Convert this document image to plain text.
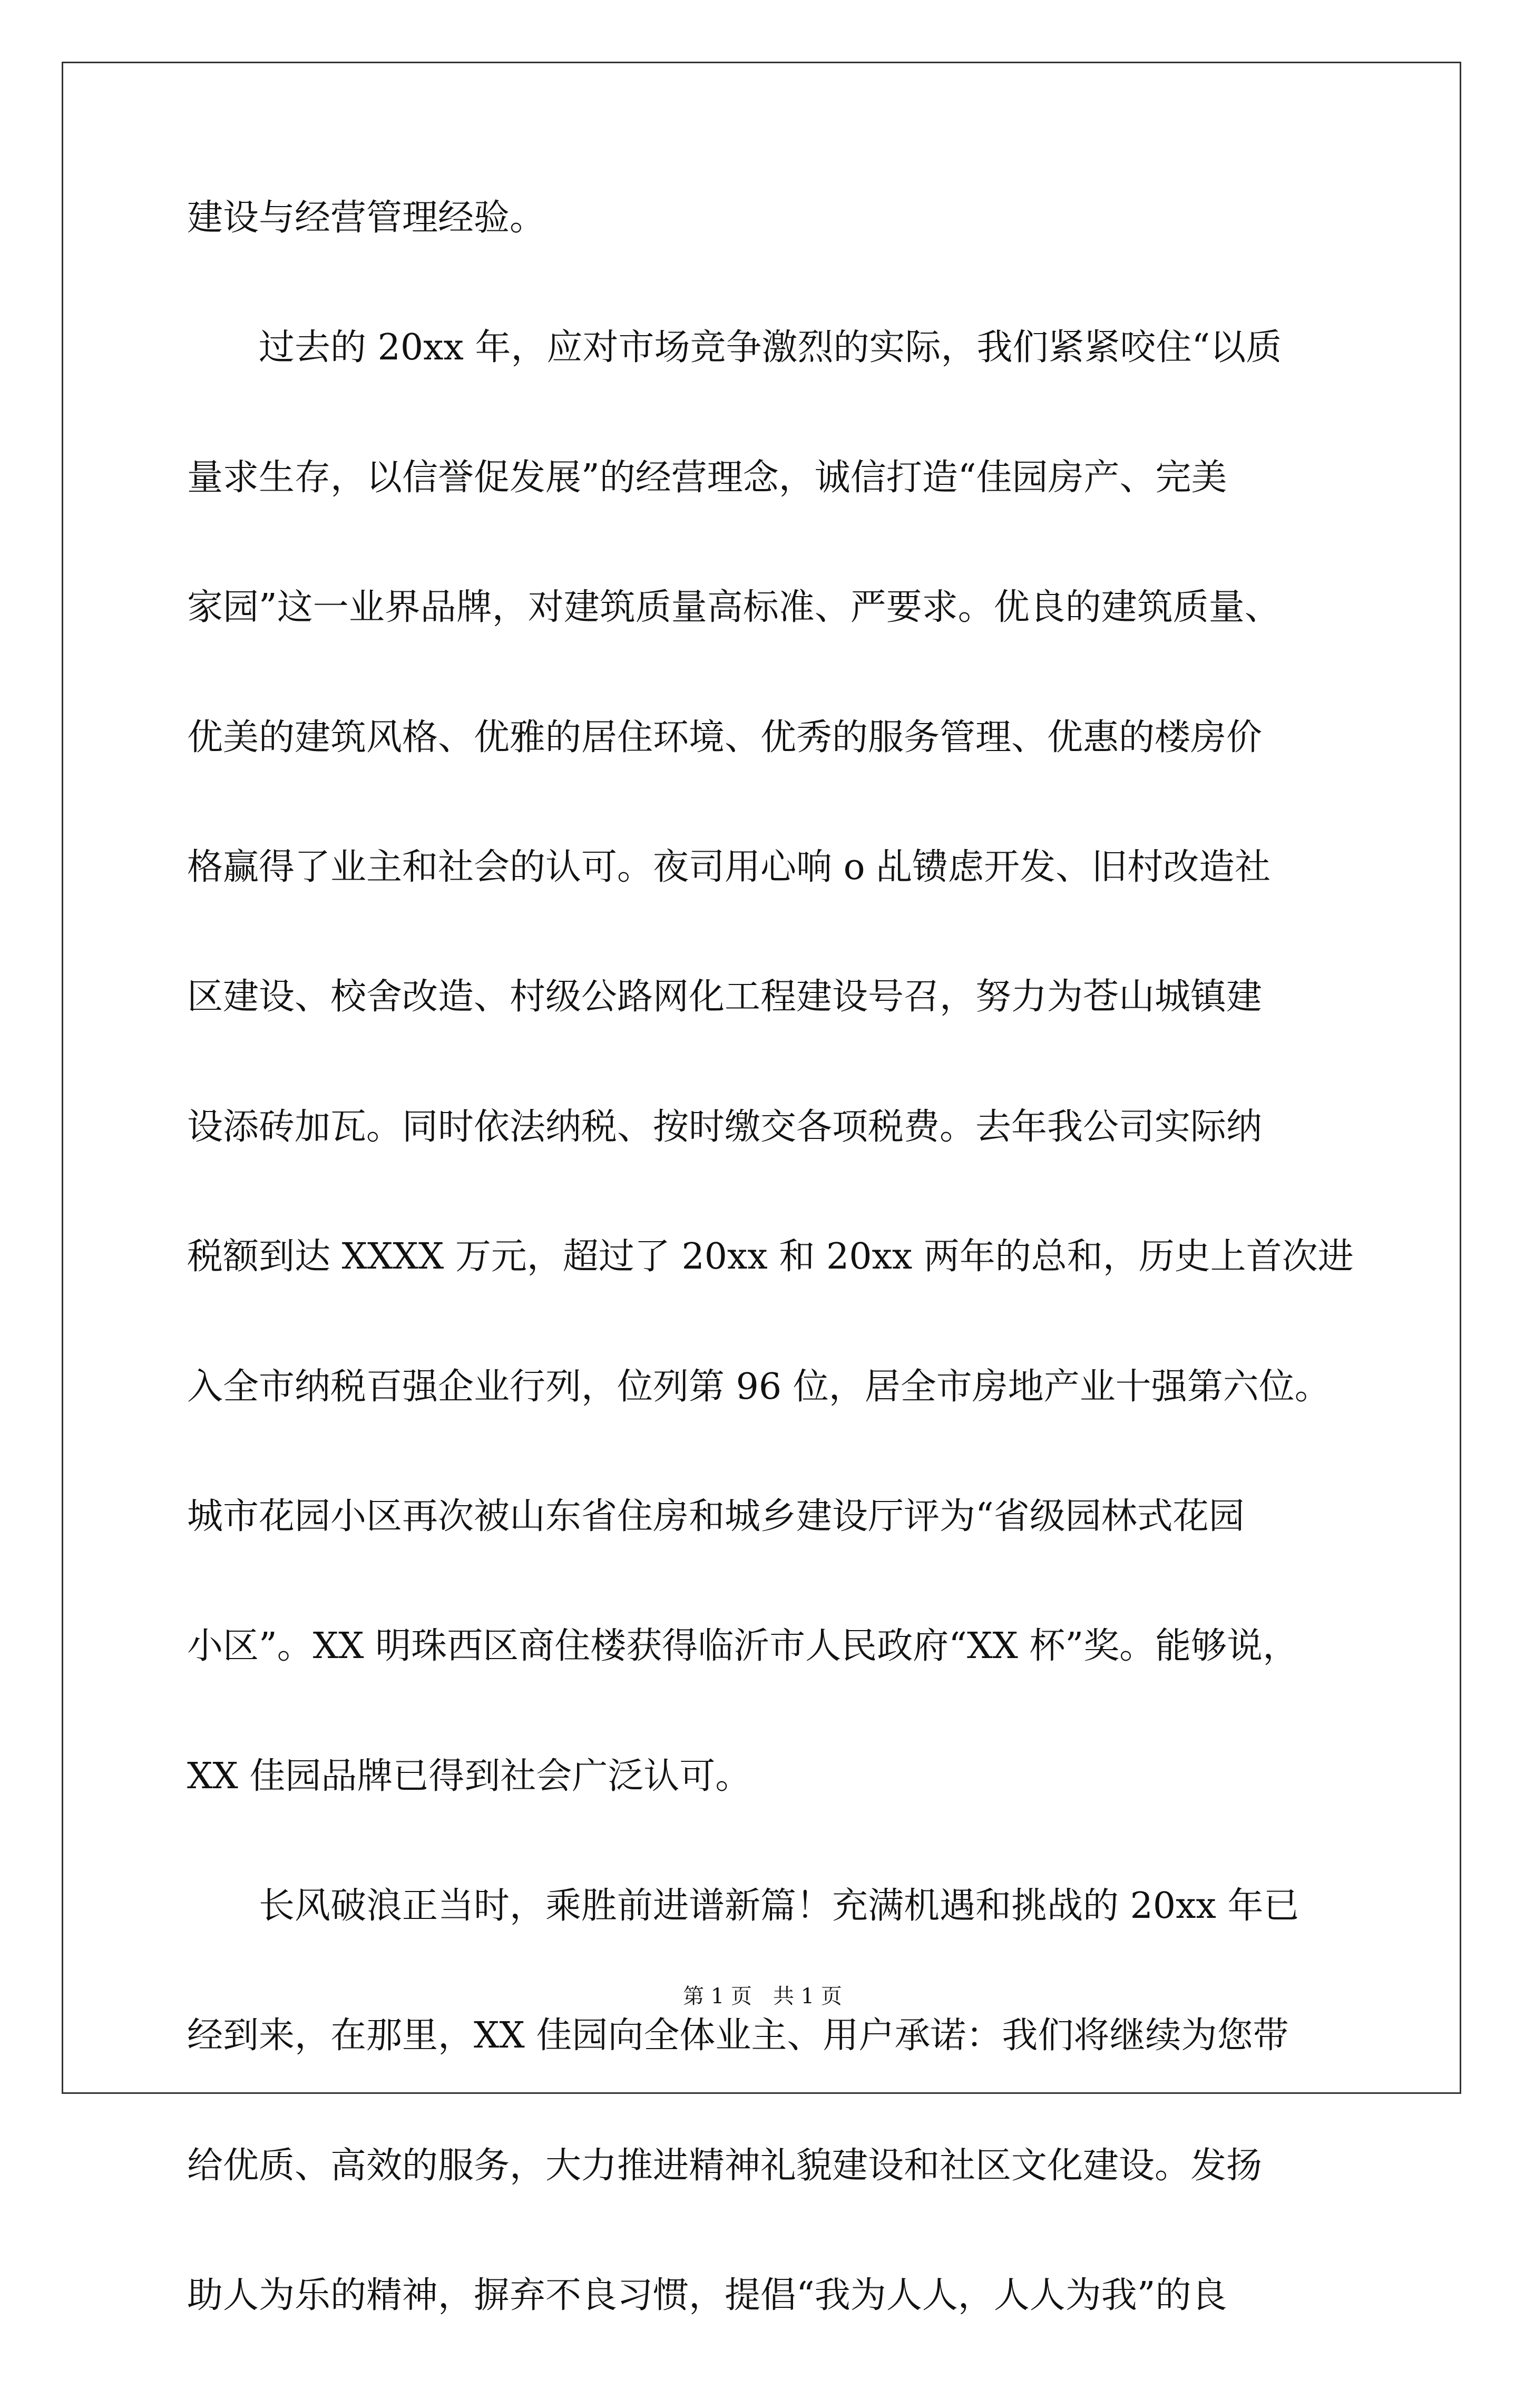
建设与经营管理经验。
　　过去的 20xx 年，应对市场竞争激烈的实际，我们紧紧咬住“以质
量求生存，以信誉促发展”的经营理念，诚信打造“佳园房产、完美
家园”这一业界品牌，对建筑质量高标准、严要求。优良的建筑质量、
优美的建筑风格、优雅的居住环境、优秀的服务管理、优惠的楼房价
格赢得了业主和社会的认可。夜司用心响 o 乩镄虑开发、旧村改造社
区建设、校舍改造、村级公路网化工程建设号召，努力为苍山城镇建
设添砖加瓦。同时依法纳税、按时缴交各项税费。去年我公司实际纳
税额到达 XXXX 万元，超过了 20xx 和 20xx 两年的总和，历史上首次进
入全市纳税百强企业行列，位列第 96 位，居全市房地产业十强第六位。
城市花园小区再次被山东省住房和城乡建设厅评为“省级园林式花园
小区”。XX 明珠西区商住楼获得临沂市人民政府“XX 杯”奖。能够说，
XX 佳园品牌已得到社会广泛认可。
　　长风破浪正当时，乘胜前进谱新篇！充满机遇和挑战的 20xx 年已
经到来，在那里，XX 佳园向全体业主、用户承诺：我们将继续为您带
给优质、高效的服务，大力推进精神礼貌建设和社区文化建设。发扬
助人为乐的精神，摒弃不良习惯，提倡“我为人人，人人为我”的良
第 1 页　共 1 页
